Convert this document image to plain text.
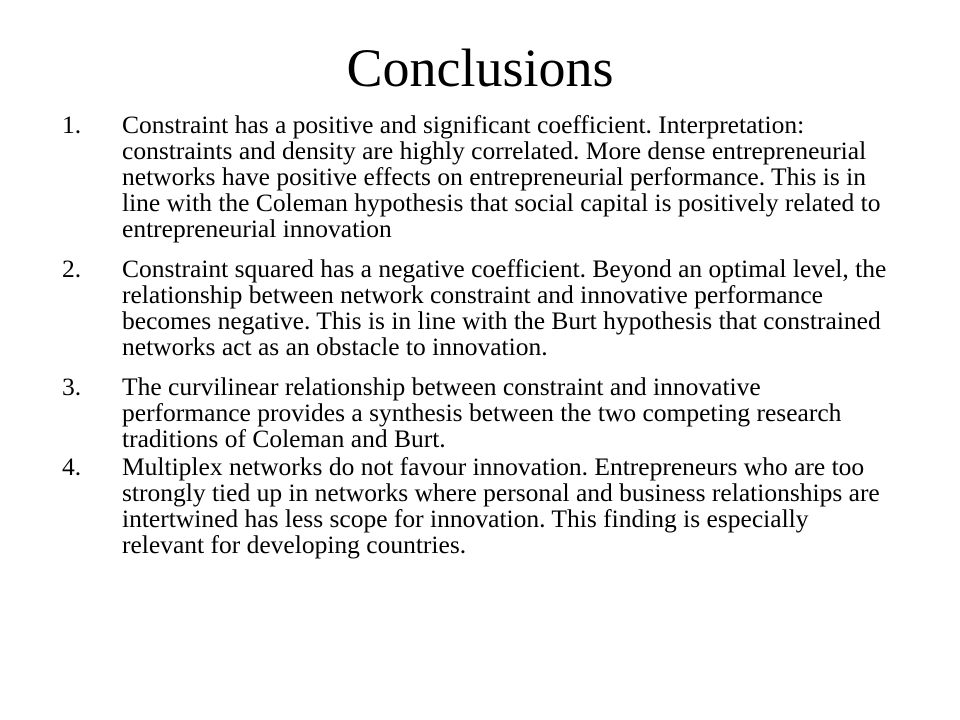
Conclusions
1. Constraint has a positive and significant coefficient. Interpretation: constraints and density are highly correlated. More dense entrepreneurial networks have positive effects on entrepreneurial performance. This is in line with the Coleman hypothesis that social capital is positively related to entrepreneurial innovation
2. Constraint squared has a negative coefficient. Beyond an optimal level, the relationship between network constraint and innovative performance becomes negative. This is in line with the Burt hypothesis that constrained networks act as an obstacle to innovation.
3. The curvilinear relationship between constraint and innovative performance provides a synthesis between the two competing research traditions of Coleman and Burt.
4. Multiplex networks do not favour innovation. Entrepreneurs who are too strongly tied up in networks where personal and business relationships are intertwined has less scope for innovation. This finding is especially relevant for developing countries.
